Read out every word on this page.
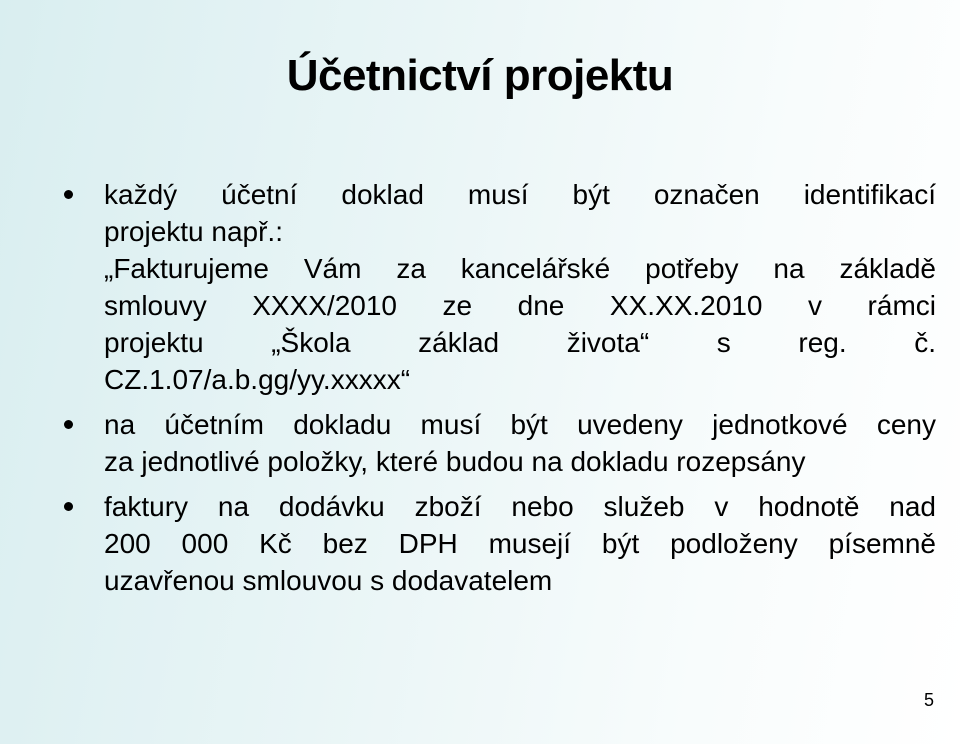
Účetnictví projektu
každý účetní doklad musí být označen identifikací
projektu např.:
„Fakturujeme Vám za kancelářské potřeby na základě
smlouvy XXXX/2010 ze dne XX.XX.2010 v rámci
projektu „Škola základ života“ s reg. č.
CZ.1.07/a.b.gg/yy.xxxxx“
na účetním dokladu musí být uvedeny jednotkové ceny
za jednotlivé položky, které budou na dokladu rozepsány
faktury na dodávku zboží nebo služeb v hodnotě nad
200 000 Kč bez DPH musejí být podloženy písemně
uzavřenou smlouvou s dodavatelem
5
